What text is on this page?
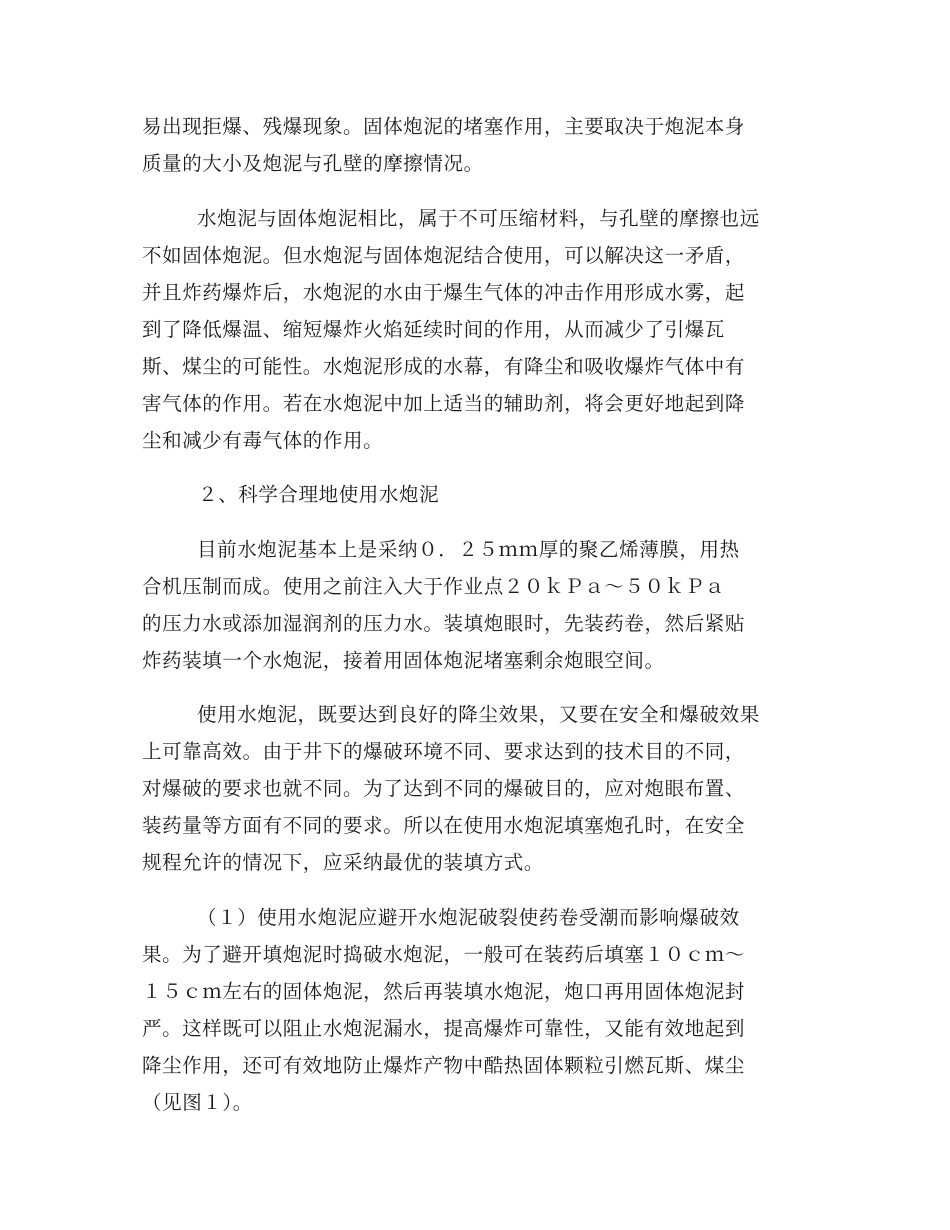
易出现拒爆、残爆现象。固体炮泥的堵塞作用，主要取决于炮泥本身
质量的大小及炮泥与孔壁的摩擦情况。
水炮泥与固体炮泥相比，属于不可压缩材料，与孔壁的摩擦也远
不如固体炮泥。但水炮泥与固体炮泥结合使用，可以解决这一矛盾，
并且炸药爆炸后，水炮泥的水由于爆生气体的冲击作用形成水雾，起
到了降低爆温、缩短爆炸火焰延续时间的作用，从而减少了引爆瓦
斯、煤尘的可能性。水炮泥形成的水幕，有降尘和吸收爆炸气体中有
害气体的作用。若在水炮泥中加上适当的辅助剂，将会更好地起到降
尘和减少有毒气体的作用。
２、科学合理地使用水炮泥
目前水炮泥基本上是采纳０．２５ｍｍ厚的聚乙烯薄膜，用热
合机压制而成。使用之前注入大于作业点２０ｋＰａ～５０ｋＰａ
的压力水或添加湿润剂的压力水。装填炮眼时，先装药卷，然后紧贴
炸药装填一个水炮泥，接着用固体炮泥堵塞剩余炮眼空间。
使用水炮泥，既要达到良好的降尘效果，又要在安全和爆破效果
上可靠高效。由于井下的爆破环境不同、要求达到的技术目的不同，
对爆破的要求也就不同。为了达到不同的爆破目的，应对炮眼布置、
装药量等方面有不同的要求。所以在使用水炮泥填塞炮孔时，在安全
规程允许的情况下，应采纳最优的装填方式。
（１）使用水炮泥应避开水炮泥破裂使药卷受潮而影响爆破效
果。为了避开填炮泥时捣破水炮泥，一般可在装药后填塞１０ｃｍ～
１５ｃｍ左右的固体炮泥，然后再装填水炮泥，炮口再用固体炮泥封
严。这样既可以阻止水炮泥漏水，提高爆炸可靠性，又能有效地起到
降尘作用，还可有效地防止爆炸产物中酷热固体颗粒引燃瓦斯、煤尘
（见图１）。
